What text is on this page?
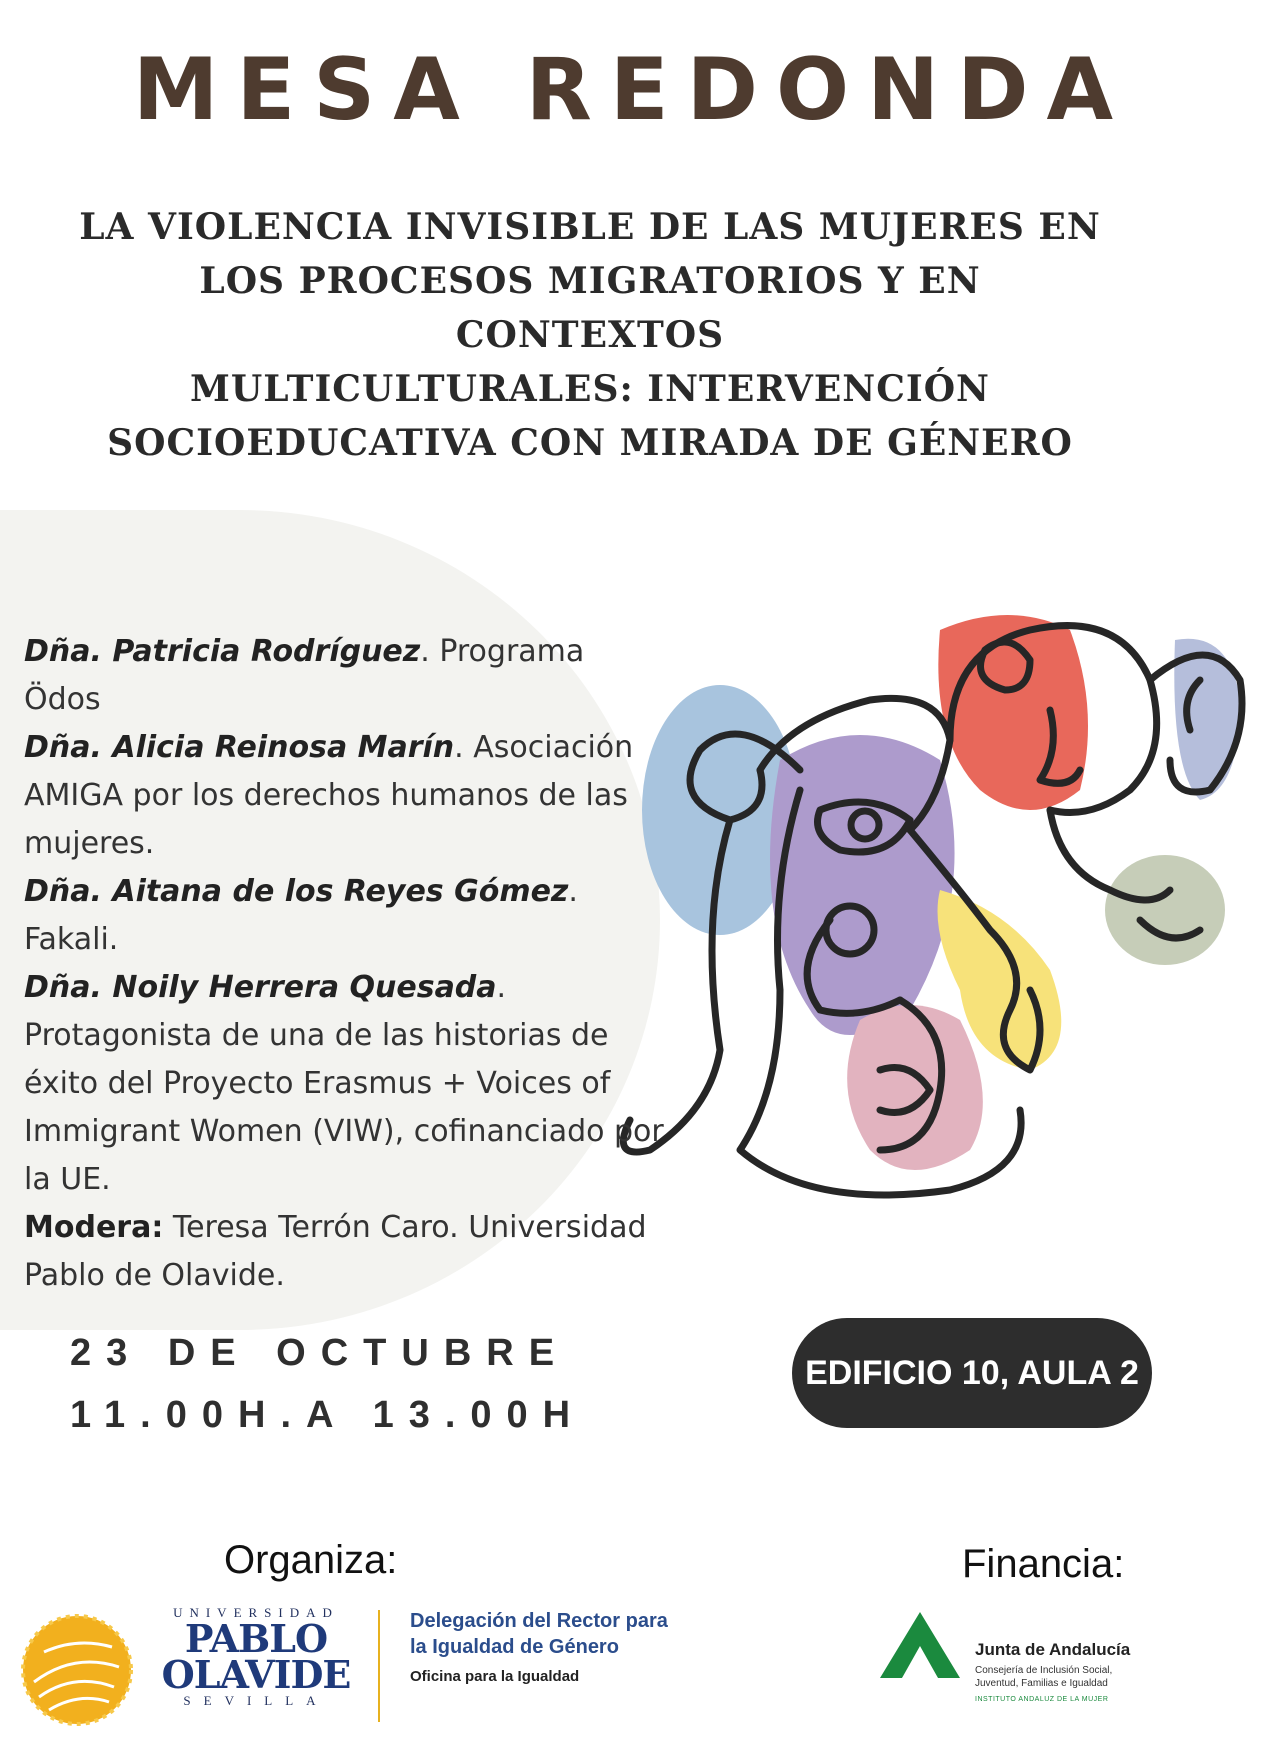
MESA REDONDA
LA VIOLENCIA INVISIBLE DE LAS MUJERES EN
LOS PROCESOS MIGRATORIOS Y EN CONTEXTOS
MULTICULTURALES: INTERVENCIÓN
SOCIOEDUCATIVA CON MIRADA DE GÉNERO

Dña. Patricia Rodríguez. Programa Ödos

Dña. Alicia Reinosa Marín. Asociación AMIGA por los derechos humanos de las mujeres.

Dña. Aitana de los Reyes Gómez. Fakali.

Dña. Noily Herrera Quesada. Protagonista de una de las historias de éxito del Proyecto Erasmus + Voices of Immigrant Women (VIW), cofinanciado por la UE.

Modera: Teresa Terrón Caro. Universidad Pablo de Olavide.

23 DE OCTUBRE
11.00H.A 13.00H
EDIFICIO 10, AULA 2
Organiza:	Financia:
UNIVERSIDAD
PABLO
OLAVIDE
SEVILLA
Delegación del Rector para
la Igualdad de Género
Oficina para la Igualdad
Junta de Andalucía
Consejería de Inclusión Social, Juventud, Familias e Igualdad
INSTITUTO ANDALUZ DE LA MUJER
